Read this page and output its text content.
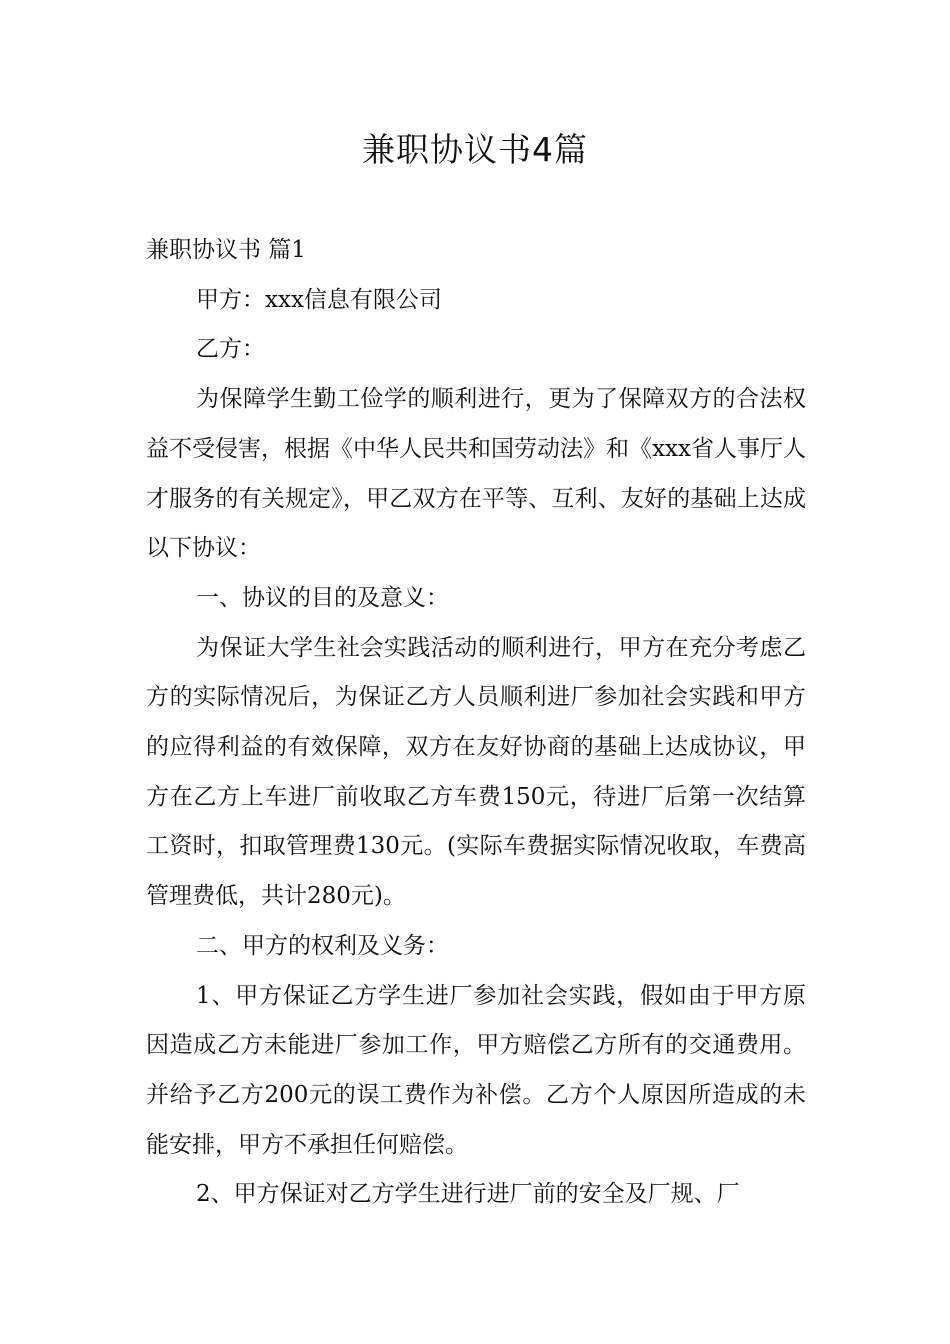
兼职协议书4篇

兼职协议书 篇1

甲方：xxx信息有限公司

乙方：

为保障学生勤工俭学的顺利进行，更为了保障双方的合法权益不受侵害，根据《中华人民共和国劳动法》和《xxx省人事厅人才服务的有关规定》，甲乙双方在平等、互利、友好的基础上达成以下协议：

一、协议的目的及意义：

为保证大学生社会实践活动的顺利进行，甲方在充分考虑乙方的实际情况后，为保证乙方人员顺利进厂参加社会实践和甲方的应得利益的有效保障，双方在友好协商的基础上达成协议，甲方在乙方上车进厂前收取乙方车费150元，待进厂后第一次结算工资时，扣取管理费130元。(实际车费据实际情况收取，车费高管理费低，共计280元)。

二、甲方的权利及义务：

1、甲方保证乙方学生进厂参加社会实践，假如由于甲方原因造成乙方未能进厂参加工作，甲方赔偿乙方所有的交通费用。并给予乙方200元的误工费作为补偿。乙方个人原因所造成的未能安排，甲方不承担任何赔偿。

2、甲方保证对乙方学生进行进厂前的安全及厂规、厂
